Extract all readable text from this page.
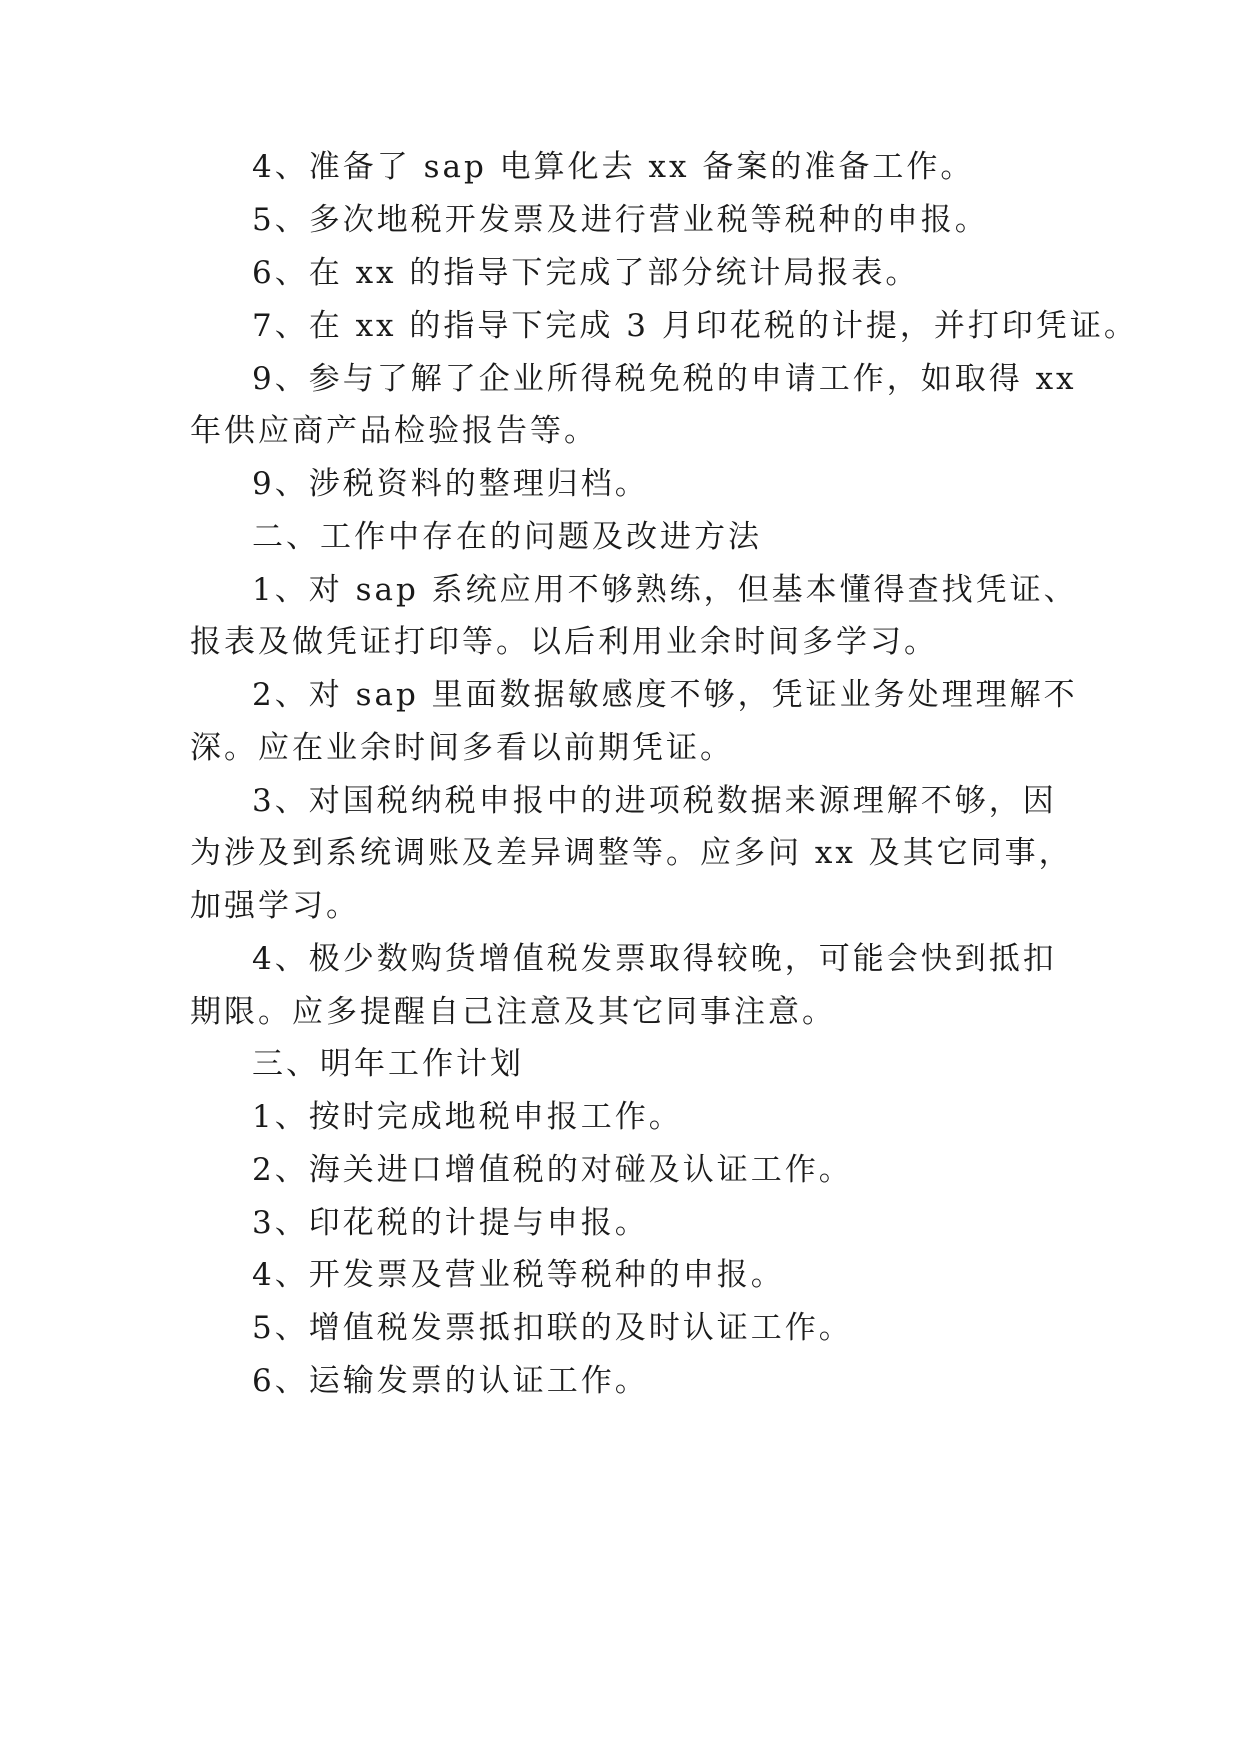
4、准备了 sap 电算化去 xx 备案的准备工作。

5、多次地税开发票及进行营业税等税种的申报。

6、在 xx 的指导下完成了部分统计局报表。

7、在 xx 的指导下完成 3 月印花税的计提，并打印凭证。

9、参与了解了企业所得税免税的申请工作，如取得 xx

年供应商产品检验报告等。

9、涉税资料的整理归档。

二、工作中存在的问题及改进方法

1、对 sap 系统应用不够熟练，但基本懂得查找凭证、

报表及做凭证打印等。以后利用业余时间多学习。

2、对 sap 里面数据敏感度不够，凭证业务处理理解不

深。应在业余时间多看以前期凭证。

3、对国税纳税申报中的进项税数据来源理解不够，因

为涉及到系统调账及差异调整等。应多问 xx 及其它同事，

加强学习。

4、极少数购货增值税发票取得较晚，可能会快到抵扣

期限。应多提醒自己注意及其它同事注意。

三、明年工作计划

1、按时完成地税申报工作。

2、海关进口增值税的对碰及认证工作。

3、印花税的计提与申报。

4、开发票及营业税等税种的申报。

5、增值税发票抵扣联的及时认证工作。

6、运输发票的认证工作。
